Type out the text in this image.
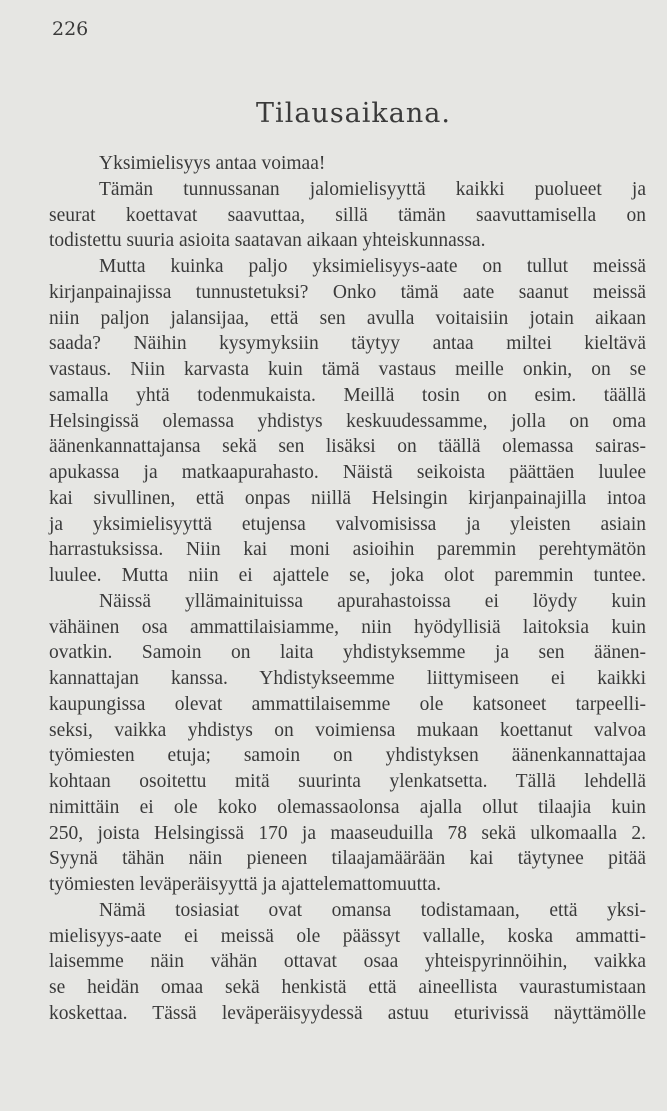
226
Tilausaikana.
Yksimielisyys antaa voimaa!
Tämän tunnussanan jalomielisyyttä kaikki puolueet ja
seurat koettavat saavuttaa, sillä tämän saavuttamisella on
todistettu suuria asioita saatavan aikaan yhteiskunnassa.
Mutta kuinka paljo yksimielisyys-aate on tullut meissä
kirjanpainajissa tunnustetuksi? Onko tämä aate saanut meissä
niin paljon jalansijaa, että sen avulla voitaisiin jotain aikaan
saada? Näihin kysymyksiin täytyy antaa miltei kieltävä
vastaus. Niin karvasta kuin tämä vastaus meille onkin, on se
samalla yhtä todenmukaista. Meillä tosin on esim. täällä
Helsingissä olemassa yhdistys keskuudessamme, jolla on oma
äänenkannattajansa sekä sen lisäksi on täällä olemassa sairas-
apukassa ja matkaapurahasto. Näistä seikoista päättäen luulee
kai sivullinen, että onpas niillä Helsingin kirjanpainajilla intoa
ja yksimielisyyttä etujensa valvomisissa ja yleisten asiain
harrastuksissa. Niin kai moni asioihin paremmin perehtymätön
luulee. Mutta niin ei ajattele se, joka olot paremmin tuntee.
Näissä yllämainituissa apurahastoissa ei löydy kuin
vähäinen osa ammattilaisiamme, niin hyödyllisiä laitoksia kuin
ovatkin. Samoin on laita yhdistyksemme ja sen äänen-
kannattajan kanssa. Yhdistykseemme liittymiseen ei kaikki
kaupungissa olevat ammattilaisemme ole katsoneet tarpeelli-
seksi, vaikka yhdistys on voimiensa mukaan koettanut valvoa
työmiesten etuja; samoin on yhdistyksen äänenkannattajaa
kohtaan osoitettu mitä suurinta ylenkatsetta. Tällä lehdellä
nimittäin ei ole koko olemassaolonsa ajalla ollut tilaajia kuin
250, joista Helsingissä 170 ja maaseuduilla 78 sekä ulkomaalla 2.
Syynä tähän näin pieneen tilaajamäärään kai täytynee pitää
työmiesten leväperäisyyttä ja ajattelemattomuutta.
Nämä tosiasiat ovat omansa todistamaan, että yksi-
mielisyys-aate ei meissä ole päässyt vallalle, koska ammatti-
laisemme näin vähän ottavat osaa yhteispyrinnöihin, vaikka
se heidän omaa sekä henkistä että aineellista vaurastumistaan
koskettaa. Tässä leväperäisyydessä astuu eturivissä näyttämölle
